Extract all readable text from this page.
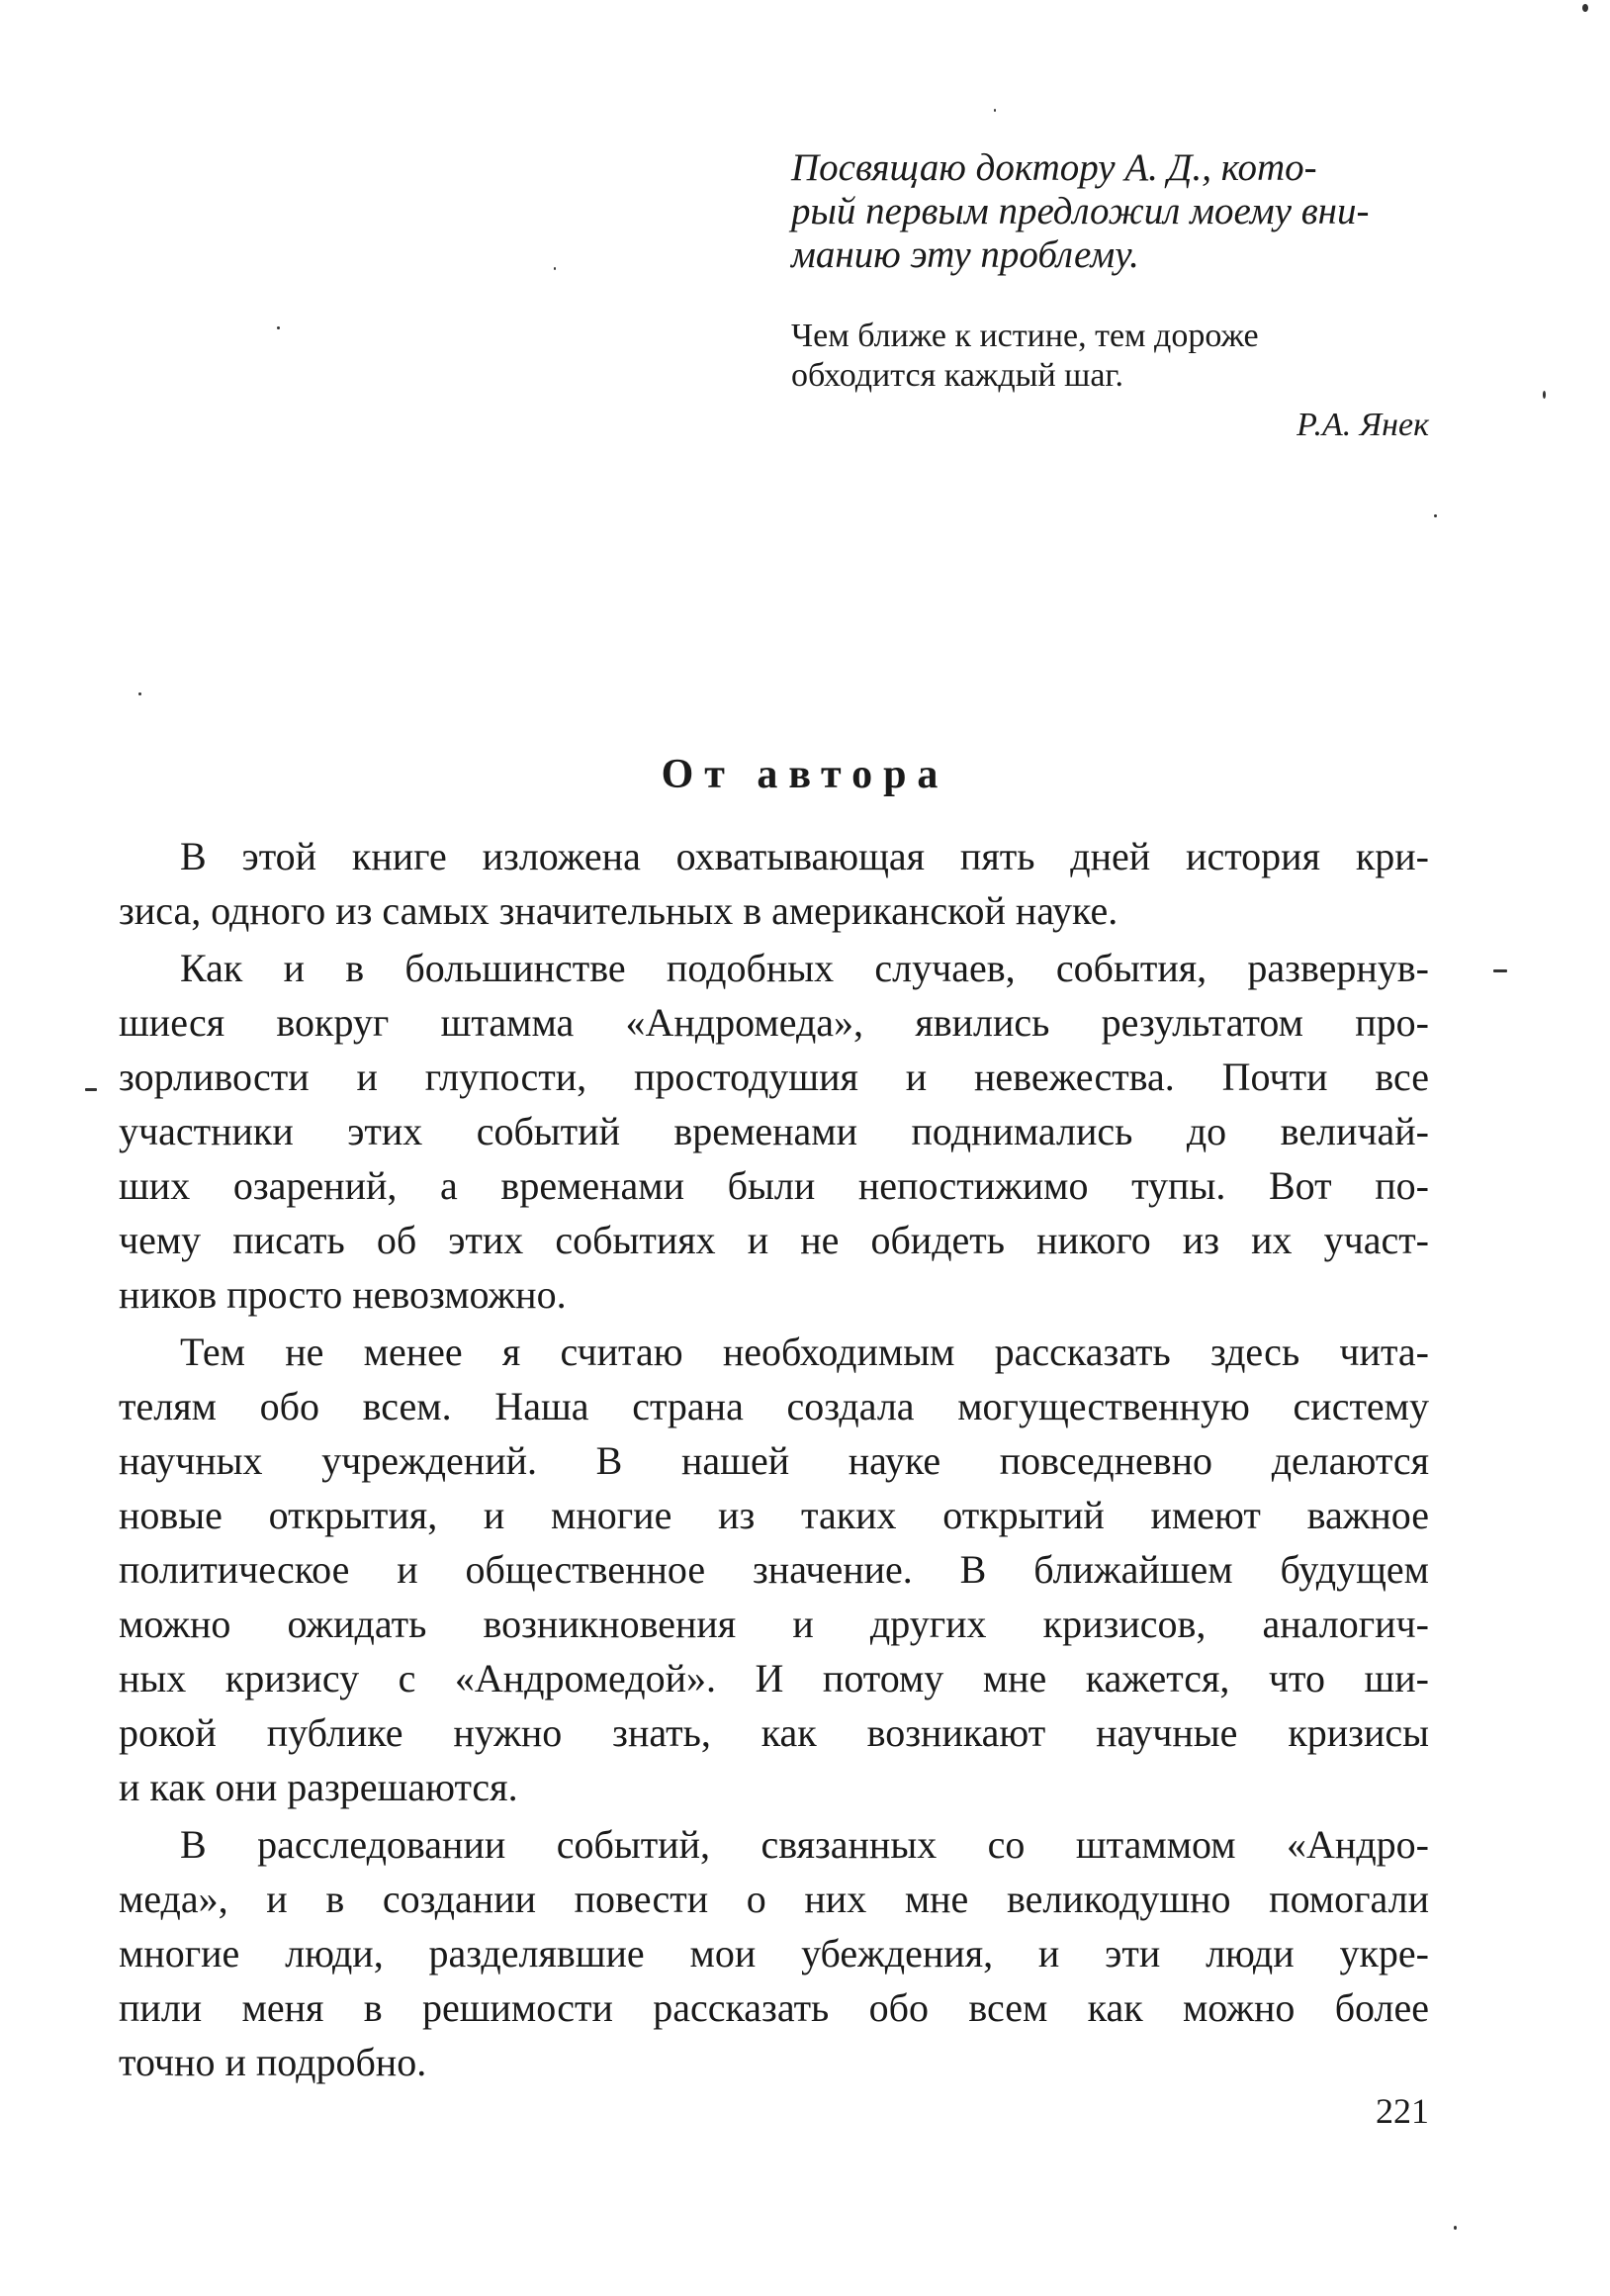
Посвящаю доктору А. Д., кото-
рый первым предложил моему вни-
манию эту проблему.
Чем ближе к истине, тем дороже
обходится каждый шаг.
Р.А. Янек
От автора
В этой книге изложена охватывающая пять дней история кри-
зиса, одного из самых значительных в американской науке.
Как и в большинстве подобных случаев, события, развернув-
шиеся вокруг штамма «Андромеда», явились результатом про-
зорливости и глупости, простодушия и невежества. Почти все
участники этих событий временами поднимались до величай-
ших озарений, а временами были непостижимо тупы. Вот по-
чему писать об этих событиях и не обидеть никого из их участ-
ников просто невозможно.
Тем не менее я считаю необходимым рассказать здесь чита-
телям обо всем. Наша страна создала могущественную систему
научных учреждений. В нашей науке повседневно делаются
новые открытия, и многие из таких открытий имеют важное
политическое и общественное значение. В ближайшем будущем
можно ожидать возникновения и других кризисов, аналогич-
ных кризису с «Андромедой». И потому мне кажется, что ши-
рокой публике нужно знать, как возникают научные кризисы
и как они разрешаются.
В расследовании событий, связанных со штаммом «Андро-
меда», и в создании повести о них мне великодушно помогали
многие люди, разделявшие мои убеждения, и эти люди укре-
пили меня в решимости рассказать обо всем как можно более
точно и подробно.
221
